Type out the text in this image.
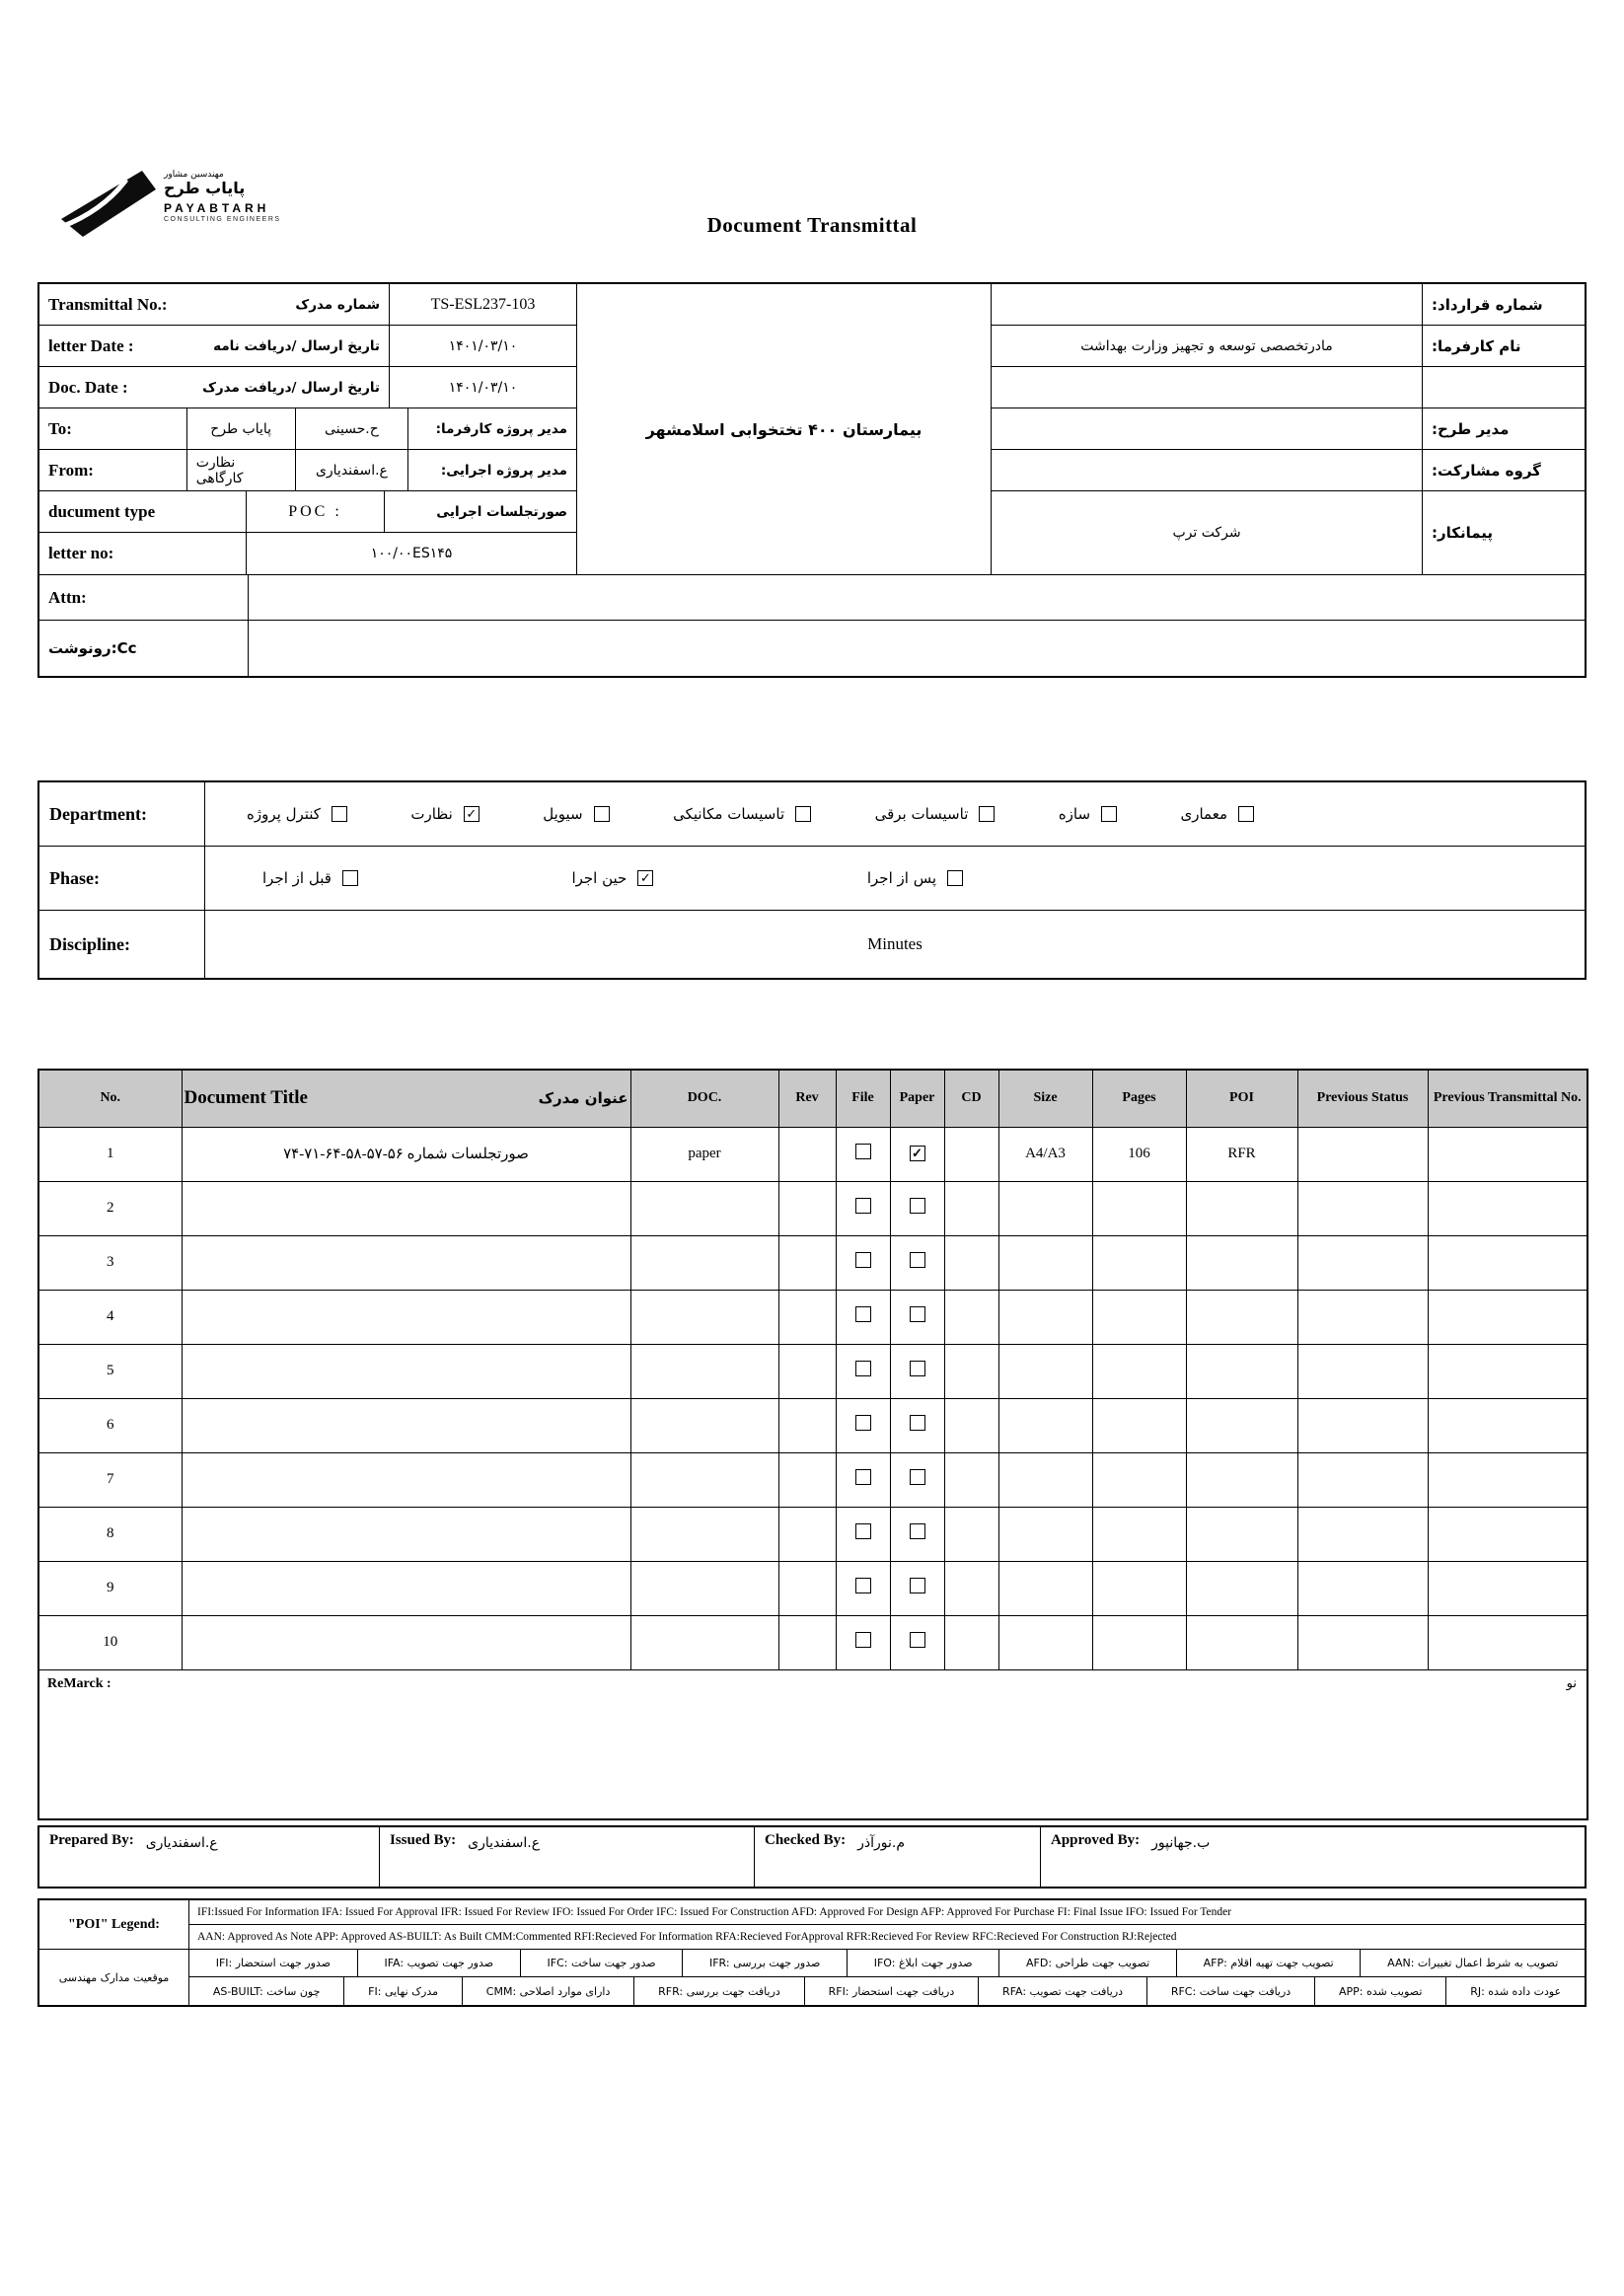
مهندسین مشاور
پایاب طرح
PAYABTARH
CONSULTING ENGINEERS	Document Transmittal
Transmittal No.:	شماره مدرک	TS-ESL237-103
letter Date :	تاریخ ارسال /دریافت نامه	۱۴۰۱/۰۳/۱۰
Doc. Date :	تاریخ ارسال /دریافت مدرک	۱۴۰۱/۰۳/۱۰
To:	پایاب طرح	ح.حسینی	مدیر پروژه کارفرما:
From:	نظارت کارگاهی	ع.اسفندیاری	مدیر پروژه اجرایی:
ducument type	POC :	صورتجلسات اجرایی
letter no:	۱۰۰/۰۰ES۱۴۵
بیمارستان ۴۰۰ تختخوابی اسلامشهر
شماره قرارداد:
مادرتخصصی توسعه و تجهیز وزارت بهداشت	نام کارفرما:
مدیر طرح:
گروه مشارکت:
شرکت ترپ	پیمانکار:
Attn:
رونوشت:Cc
Department:	کنترل پروژه	نظارت ✓	سیویل	تاسیسات مکانیکی	تاسیسات برقی	سازه	معماری
Phase:	قبل از اجرا	حین اجرا ✓	پس از اجرا
Discipline:	Minutes
No.	Document Title عنوان مدرک	DOC.	Rev	File	Paper	CD	Size	Pages	POI	Previous Status	Previous Transmittal No.
1	صورتجلسات شماره ۵۶-۵۷-۵۸-۶۴-۷۱-۷۴	paper			✓		A4/A3	106	RFR		
2											
3											
4											
5											
6											
7											
8											
9											
10											

ReMarck : نو											
Prepared By: ع.اسفندیاری	Issued By: ع.اسفندیاری	Checked By: م.نورآذر	Approved By: ب.جهانپور
"POI" Legend:
IFI:Issued For Information IFA: Issued For Approval IFR: Issued For Review IFO: Issued For Order IFC: Issued For Construction AFD: Approved For Design AFP: Approved For Purchase FI: Final Issue IFO: Issued For Tender
AAN: Approved As Note APP: Approved AS-BUILT: As Built CMM:Commented RFI:Recieved For Information RFA:Recieved ForApproval RFR:Recieved For Review RFC:Recieved For Construction RJ:Rejected
موقعیت مدارک مهندسی
IFI: صدور جهت استحضار	IFA: صدور جهت تصویب	IFC: صدور جهت ساخت	IFR: صدور جهت بررسی	IFO: صدور جهت ابلاغ	AFD: تصویب جهت طراحی	AFP: تصویب جهت تهیه اقلام	AAN: تصویب به شرط اعمال تغییرات
AS-BUILT: چون ساخت	FI: مدرک نهایی	CMM: دارای موارد اصلاحی	RFR: دریافت جهت بررسی	RFI: دریافت جهت استحضار	RFA: دریافت جهت تصویب	RFC: دریافت جهت ساخت	APP: تصویب شده	RJ: عودت داده شده
